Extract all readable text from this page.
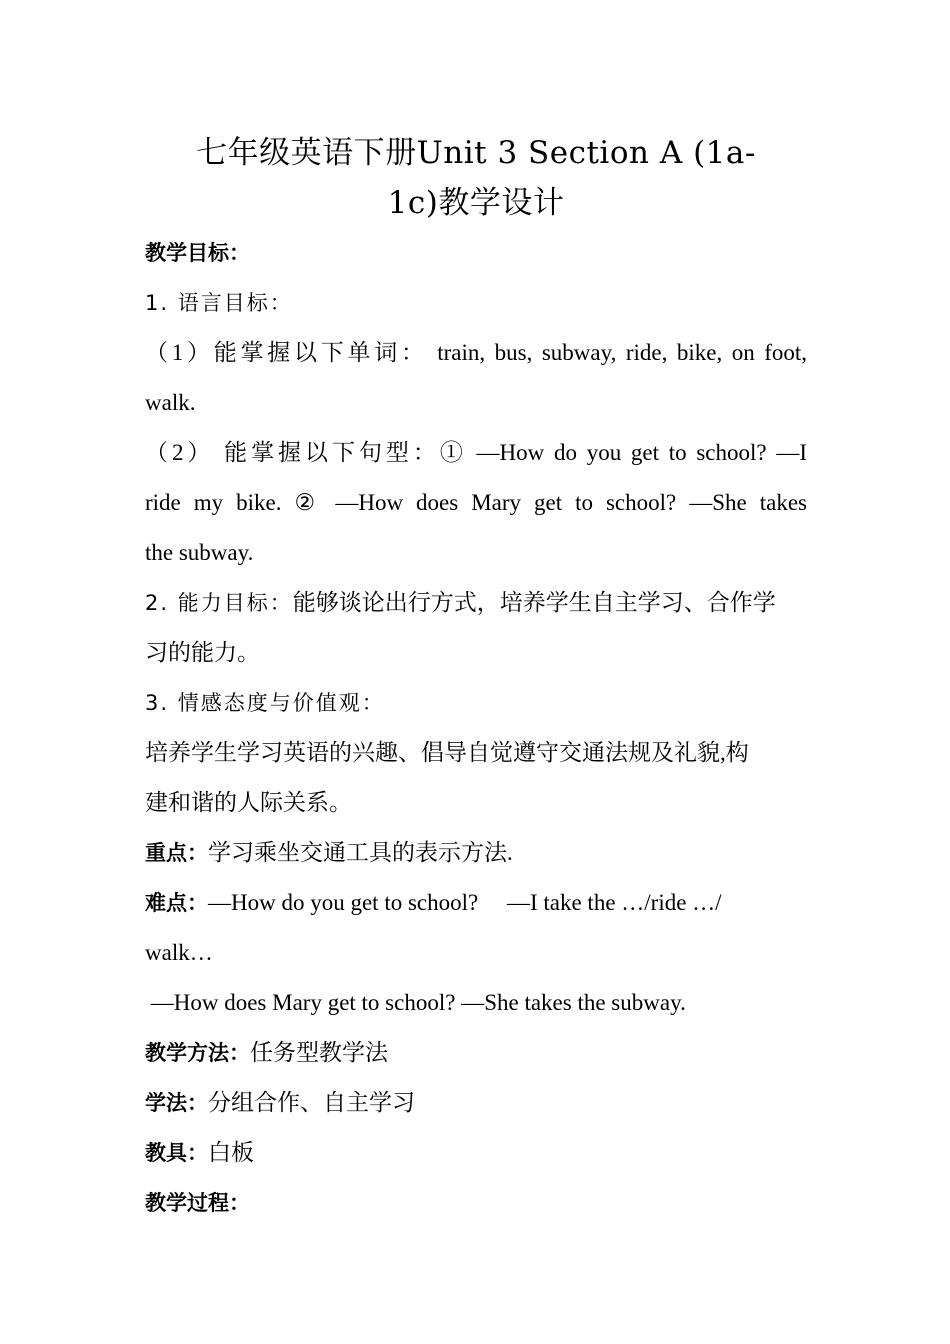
七年级英语下册Unit 3 Section A (1a-

1c)教学设计

教学目标：

1. 语言目标：

（1）能掌握以下单词： train, bus, subway, ride, bike, on foot,

walk.

（2） 能掌握以下句型：① —How do you get to school? —I

ride my bike. ② —How does Mary get to school? —She takes

the subway.

2. 能力目标：能够谈论出行方式，培养学生自主学习、合作学

习的能力。

3. 情感态度与价值观：

培养学生学习英语的兴趣、倡导自觉遵守交通法规及礼貌,构

建和谐的人际关系。

重点：学习乘坐交通工具的表示方法.

难点：—How do you get to school?     —I take the …/ride …/

walk…

—How does Mary get to school? —She takes the subway.

教学方法：任务型教学法

学法：分组合作、自主学习

教具：白板

教学过程：
